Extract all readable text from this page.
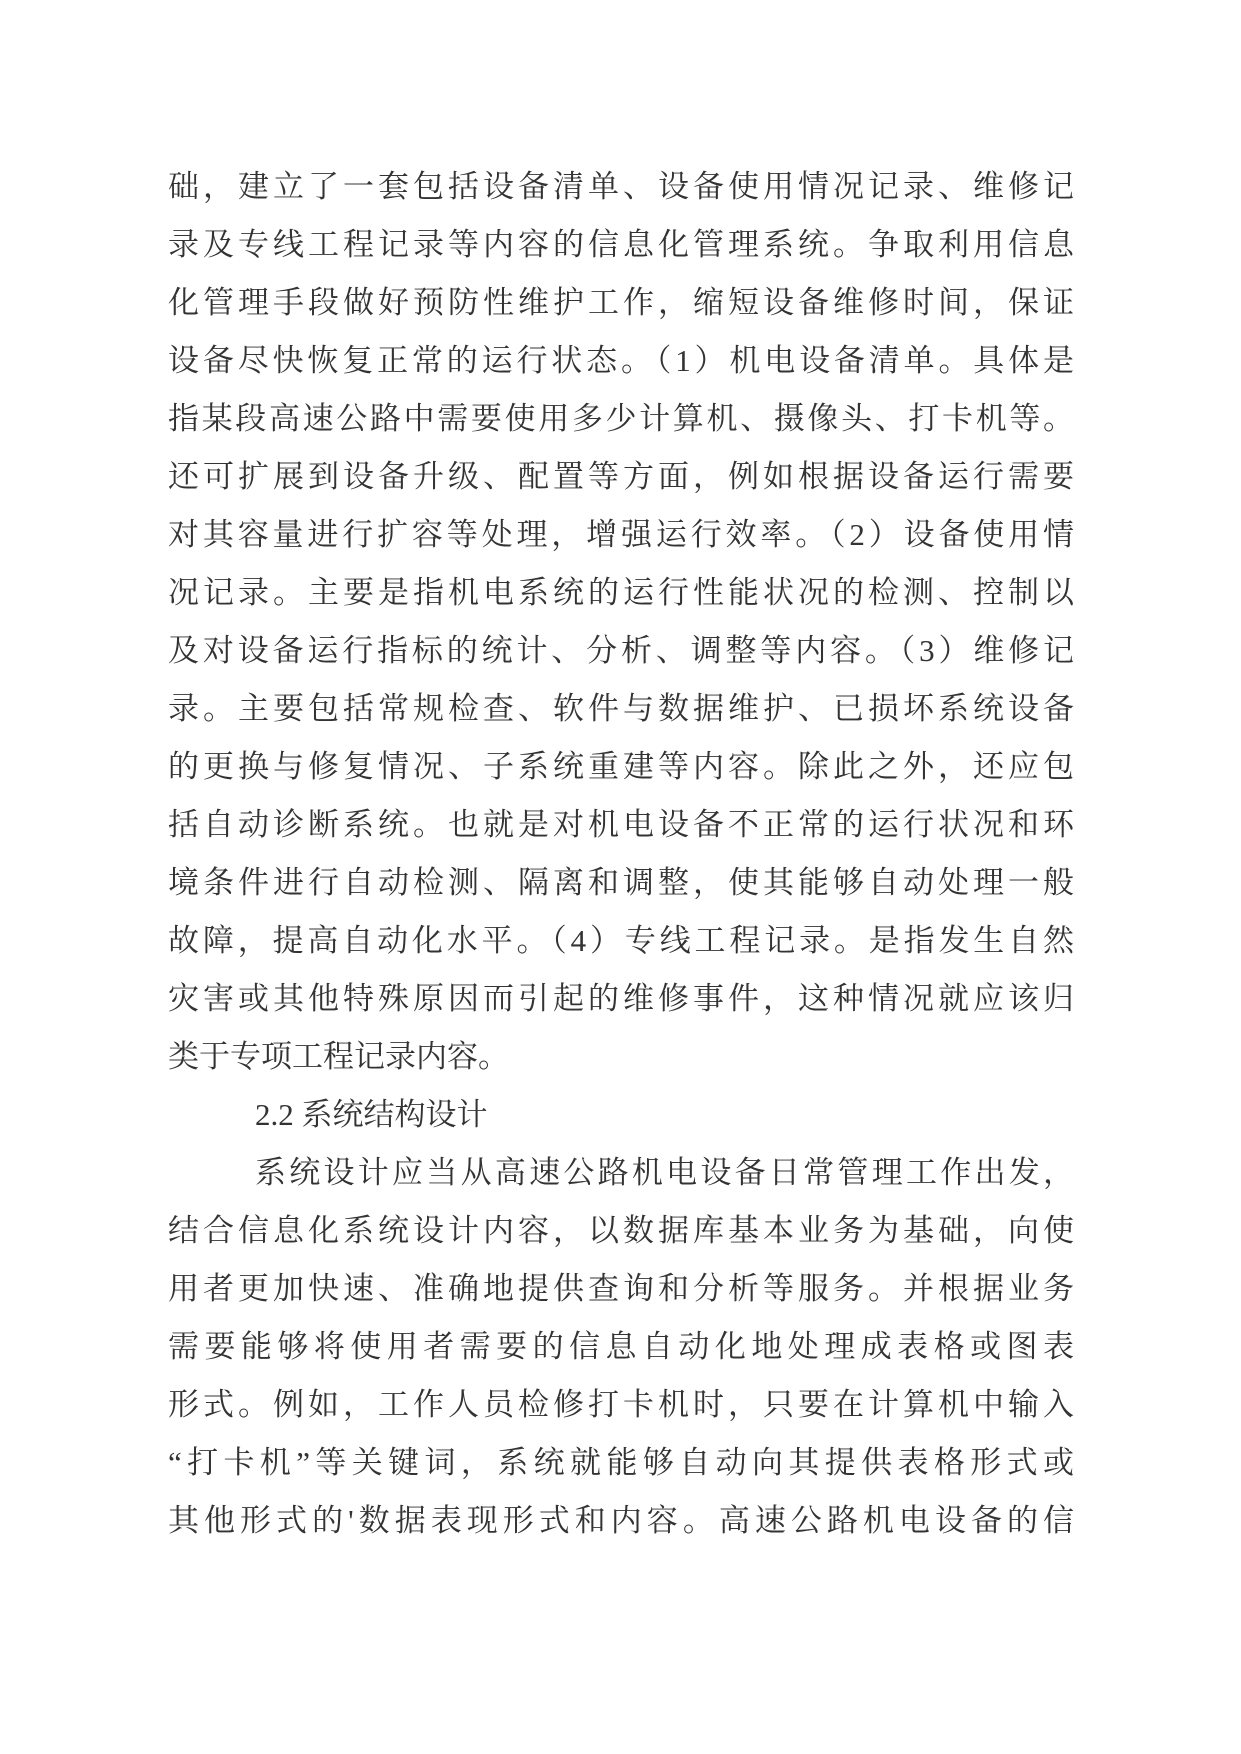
础，建立了一套包括设备清单、设备使用情况记录、维修记
录及专线工程记录等内容的信息化管理系统。争取利用信息
化管理手段做好预防性维护工作，缩短设备维修时间，保证
设备尽快恢复正常的运行状态。（1）机电设备清单。具体是
指某段高速公路中需要使用多少计算机、摄像头、打卡机等。
还可扩展到设备升级、配置等方面，例如根据设备运行需要
对其容量进行扩容等处理，增强运行效率。（2）设备使用情
况记录。主要是指机电系统的运行性能状况的检测、控制以
及对设备运行指标的统计、分析、调整等内容。（3）维修记
录。主要包括常规检查、软件与数据维护、已损坏系统设备
的更换与修复情况、子系统重建等内容。除此之外，还应包
括自动诊断系统。也就是对机电设备不正常的运行状况和环
境条件进行自动检测、隔离和调整，使其能够自动处理一般
故障，提高自动化水平。（4）专线工程记录。是指发生自然
灾害或其他特殊原因而引起的维修事件，这种情况就应该归
类于专项工程记录内容。
2.2 系统结构设计
系统设计应当从高速公路机电设备日常管理工作出发，
结合信息化系统设计内容，以数据库基本业务为基础，向使
用者更加快速、准确地提供查询和分析等服务。并根据业务
需要能够将使用者需要的信息自动化地处理成表格或图表
形式。例如，工作人员检修打卡机时，只要在计算机中输入
“打卡机”等关键词，系统就能够自动向其提供表格形式或
其他形式的'数据表现形式和内容。高速公路机电设备的信
